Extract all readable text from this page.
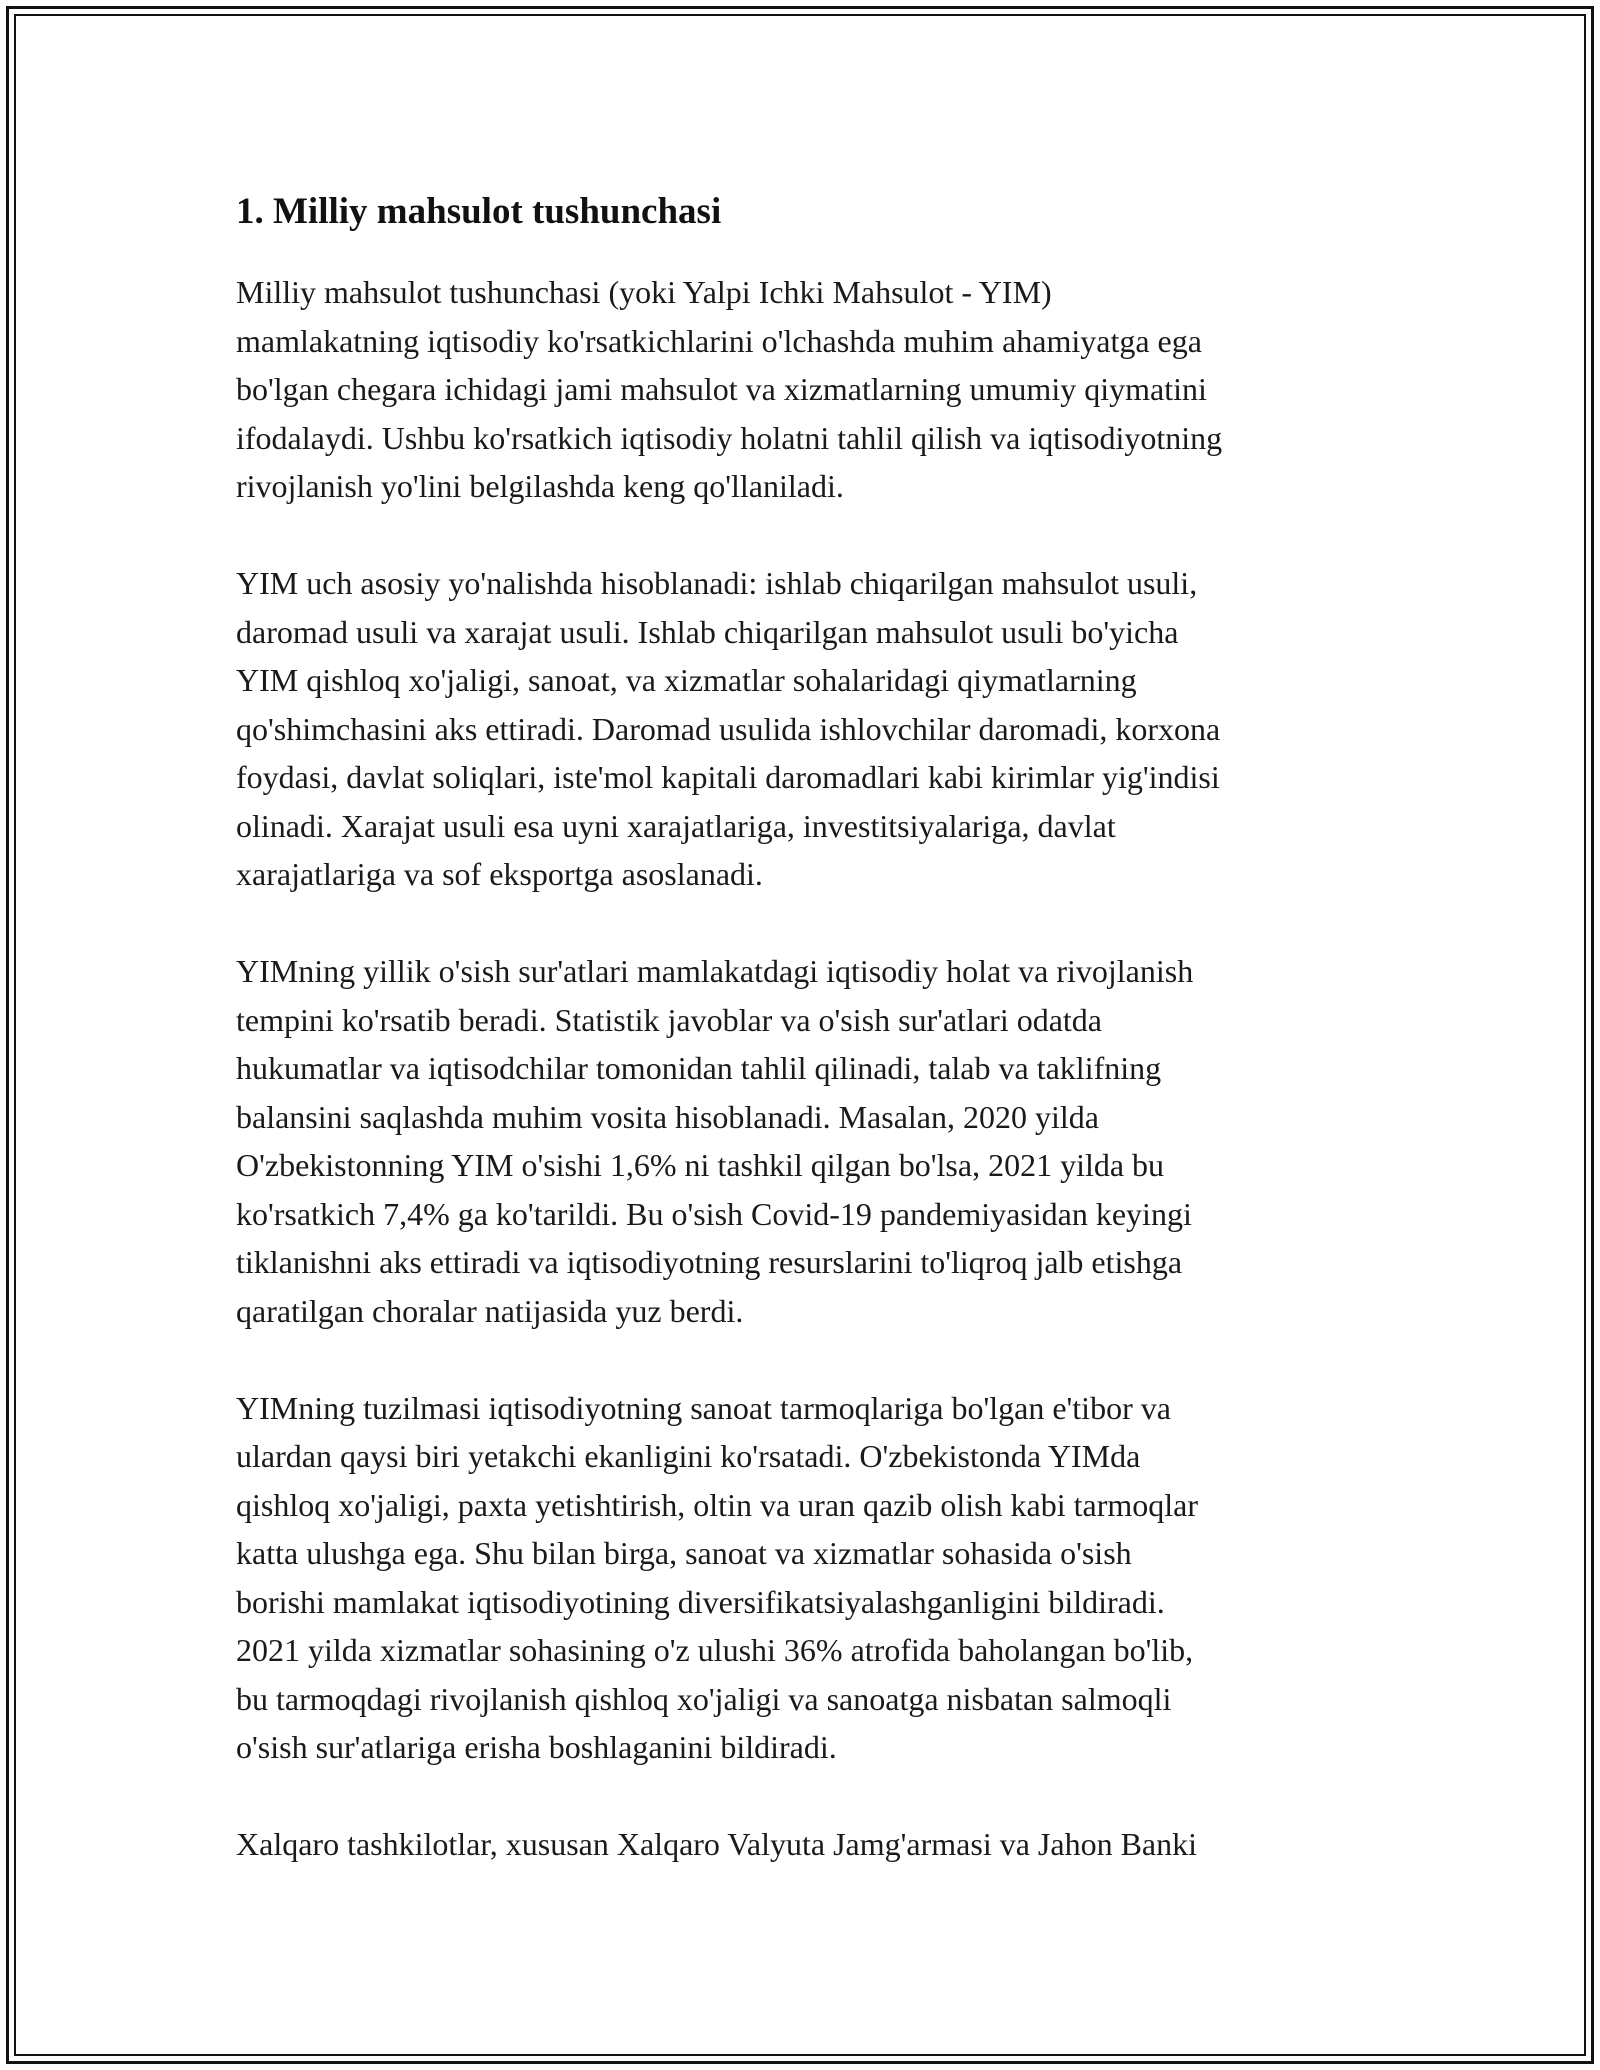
1. Milliy mahsulot tushunchasi

Milliy mahsulot tushunchasi (yoki Yalpi Ichki Mahsulot - YIM)
mamlakatning iqtisodiy ko'rsatkichlarini o'lchashda muhim ahamiyatga ega
bo'lgan chegara ichidagi jami mahsulot va xizmatlarning umumiy qiymatini
ifodalaydi. Ushbu ko'rsatkich iqtisodiy holatni tahlil qilish va iqtisodiyotning
rivojlanish yo'lini belgilashda keng qo'llaniladi.

YIM uch asosiy yo'nalishda hisoblanadi: ishlab chiqarilgan mahsulot usuli,
daromad usuli va xarajat usuli. Ishlab chiqarilgan mahsulot usuli bo'yicha
YIM qishloq xo'jaligi, sanoat, va xizmatlar sohalaridagi qiymatlarning
qo'shimchasini aks ettiradi. Daromad usulida ishlovchilar daromadi, korxona
foydasi, davlat soliqlari, iste'mol kapitali daromadlari kabi kirimlar yig'indisi
olinadi. Xarajat usuli esa uyni xarajatlariga, investitsiyalariga, davlat
xarajatlariga va sof eksportga asoslanadi.

YIMning yillik o'sish sur'atlari mamlakatdagi iqtisodiy holat va rivojlanish
tempini ko'rsatib beradi. Statistik javoblar va o'sish sur'atlari odatda
hukumatlar va iqtisodchilar tomonidan tahlil qilinadi, talab va taklifning
balansini saqlashda muhim vosita hisoblanadi. Masalan, 2020 yilda
O'zbekistonning YIM o'sishi 1,6% ni tashkil qilgan bo'lsa, 2021 yilda bu
ko'rsatkich 7,4% ga ko'tarildi. Bu o'sish Covid-19 pandemiyasidan keyingi
tiklanishni aks ettiradi va iqtisodiyotning resurslarini to'liqroq jalb etishga
qaratilgan choralar natijasida yuz berdi.

YIMning tuzilmasi iqtisodiyotning sanoat tarmoqlariga bo'lgan e'tibor va
ulardan qaysi biri yetakchi ekanligini ko'rsatadi. O'zbekistonda YIMda
qishloq xo'jaligi, paxta yetishtirish, oltin va uran qazib olish kabi tarmoqlar
katta ulushga ega. Shu bilan birga, sanoat va xizmatlar sohasida o'sish
borishi mamlakat iqtisodiyotining diversifikatsiyalashganligini bildiradi.
2021 yilda xizmatlar sohasining o'z ulushi 36% atrofida baholangan bo'lib,
bu tarmoqdagi rivojlanish qishloq xo'jaligi va sanoatga nisbatan salmoqli
o'sish sur'atlariga erisha boshlaganini bildiradi.

Xalqaro tashkilotlar, xususan Xalqaro Valyuta Jamg'armasi va Jahon Banki
